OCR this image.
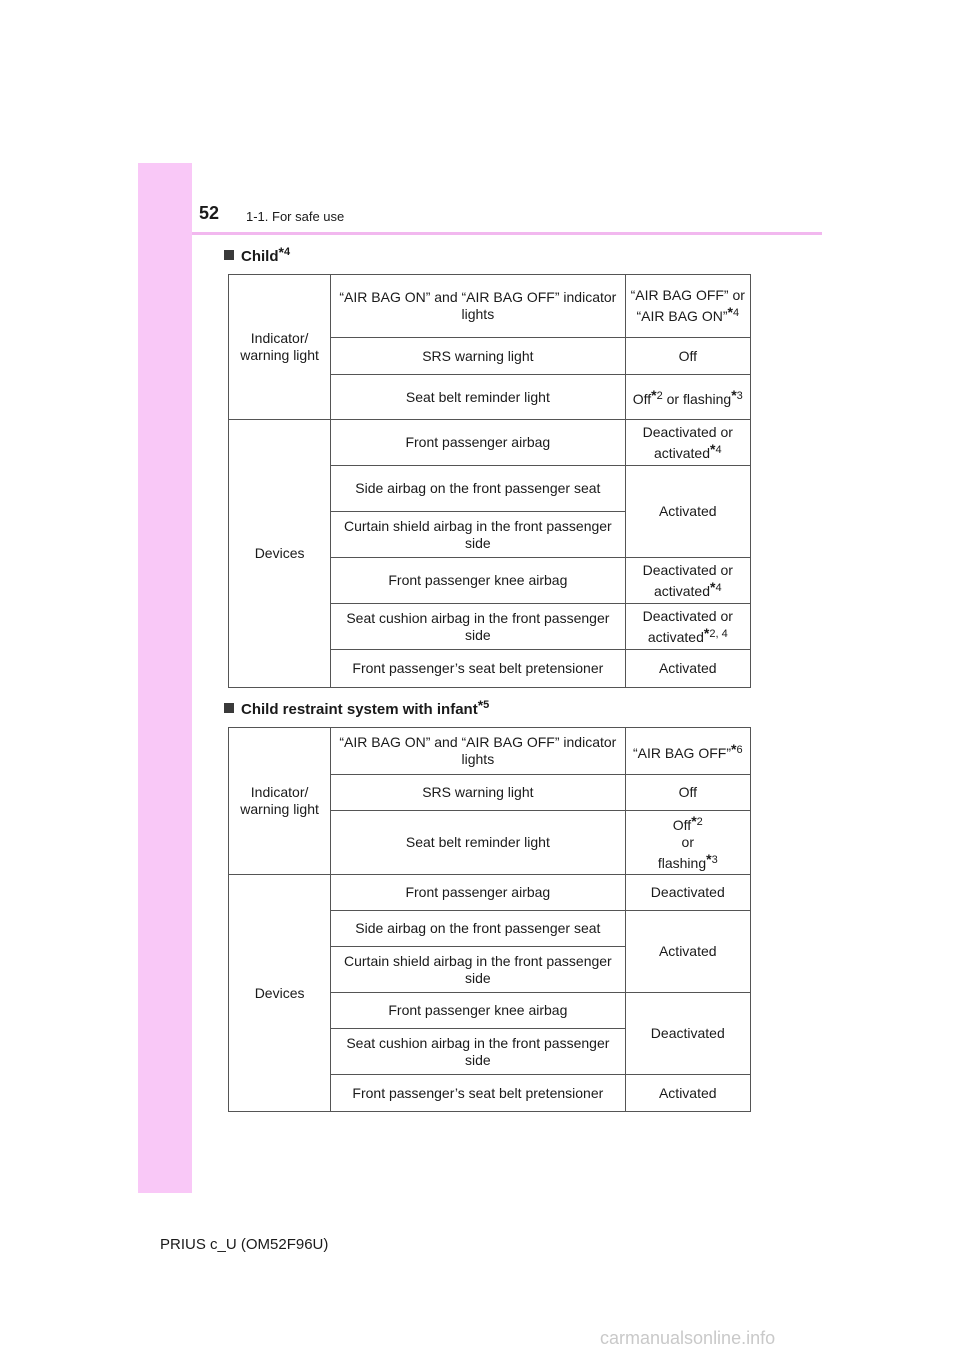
52 1-1. For safe use
Child*$^4$
Indicator/ warning light	“AIR BAG ON” and “AIR BAG OFF” indicator lights	“AIR BAG OFF” or “AIR BAG ON”*$^4$
	SRS warning light	Off
	Seat belt reminder light	Off*$^2$ or flashing*$^3$
Devices	Front passenger airbag	Deactivated or activated*$^4$
	Side airbag on the front passenger seat	Activated
	Curtain shield airbag in the front passenger side	
	Front passenger knee airbag	Deactivated or activated*$^4$
	Seat cushion airbag in the front passenger side	Deactivated or activated*$^{2, 4}$
	Front passenger’s seat belt pretensioner	Activated
Child restraint system with infant*$^5$
Indicator/ warning light	“AIR BAG ON” and “AIR BAG OFF” indicator lights	“AIR BAG OFF”*$^6$
	SRS warning light	Off
	Seat belt reminder light	Off*$^2$
or
flashing*$^3$
Devices	Front passenger airbag	Deactivated
	Side airbag on the front passenger seat	Activated
	Curtain shield airbag in the front passenger side	
	Front passenger knee airbag	Deactivated
	Seat cushion airbag in the front passenger side	
	Front passenger’s seat belt pretensioner	Activated
PRIUS c_U (OM52F96U)
carmanualsonline.info
